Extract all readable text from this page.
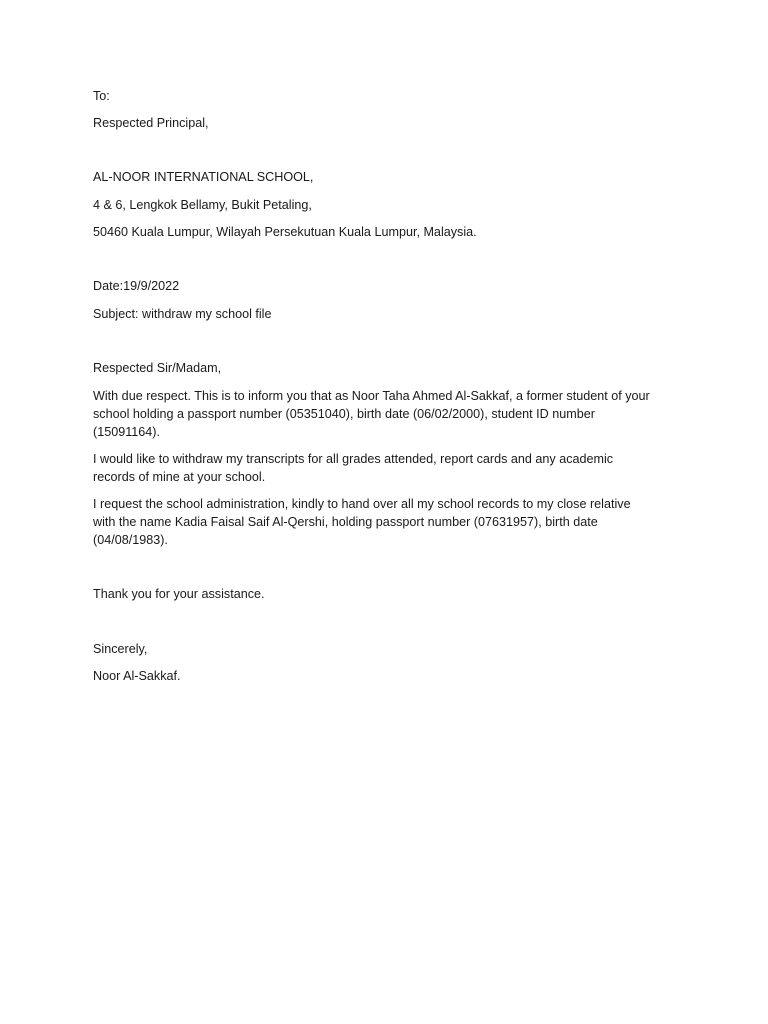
To:

Respected Principal,

AL-NOOR INTERNATIONAL SCHOOL,

4 & 6, Lengkok Bellamy, Bukit Petaling,

50460 Kuala Lumpur, Wilayah Persekutuan Kuala Lumpur, Malaysia.

Date:19/9/2022

Subject: withdraw my school file

Respected Sir/Madam,

With due respect. This is to inform you that as Noor Taha Ahmed Al-Sakkaf, a former student of your
school holding a passport number (05351040), birth date (06/02/2000), student ID number
(15091164).
I would like to withdraw my transcripts for all grades attended, report cards and any academic
records of mine at your school.
I request the school administration, kindly to hand over all my school records to my close relative
with the name Kadia Faisal Saif Al-Qershi, holding passport number (07631957), birth date
(04/08/1983).

Thank you for your assistance.

Sincerely,

Noor Al-Sakkaf.
